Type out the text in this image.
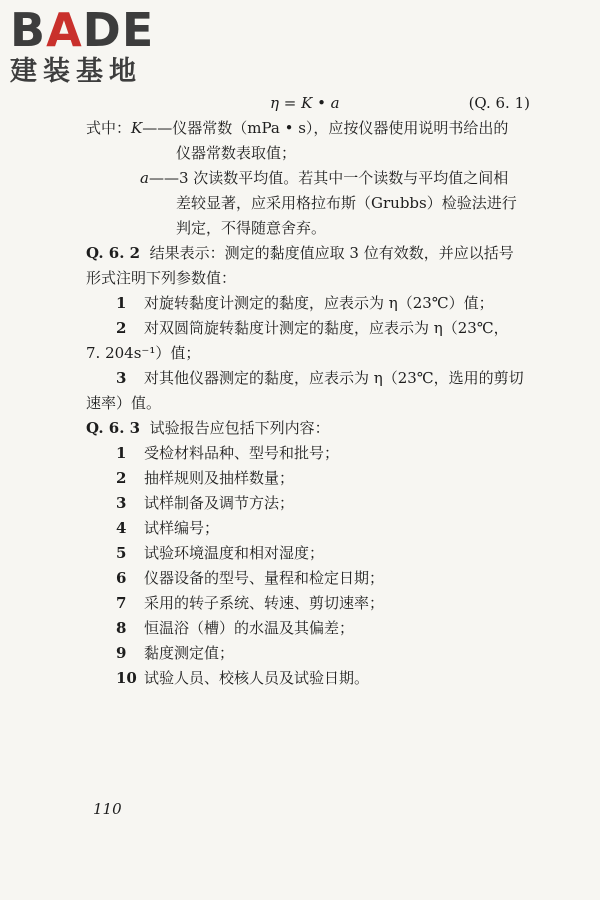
BADE
建装基地
η = K • a	(Q. 6. 1)
式中：K——仪器常数（mPa • s），应按仪器使用说明书给出的
仪器常数表取值；
a——3 次读数平均值。若其中一个读数与平均值之间相
差较显著，应采用格拉布斯（Grubbs）检验法进行
判定，不得随意舍弃。
Q. 6. 2 结果表示：测定的黏度值应取 3 位有效数，并应以括号
形式注明下列参数值：
1 对旋转黏度计测定的黏度，应表示为 η（23℃）值；
2 对双圆筒旋转黏度计测定的黏度，应表示为 η（23℃，
7. 204s⁻¹）值；
3 对其他仪器测定的黏度，应表示为 η（23℃，选用的剪切
速率）值。
Q. 6. 3 试验报告应包括下列内容：
1 受检材料品种、型号和批号；
2 抽样规则及抽样数量；
3 试样制备及调节方法；
4 试样编号；
5 试验环境温度和相对湿度；
6 仪器设备的型号、量程和检定日期；
7 采用的转子系统、转速、剪切速率；
8 恒温浴（槽）的水温及其偏差；
9 黏度测定值；
10 试验人员、校核人员及试验日期。
110
